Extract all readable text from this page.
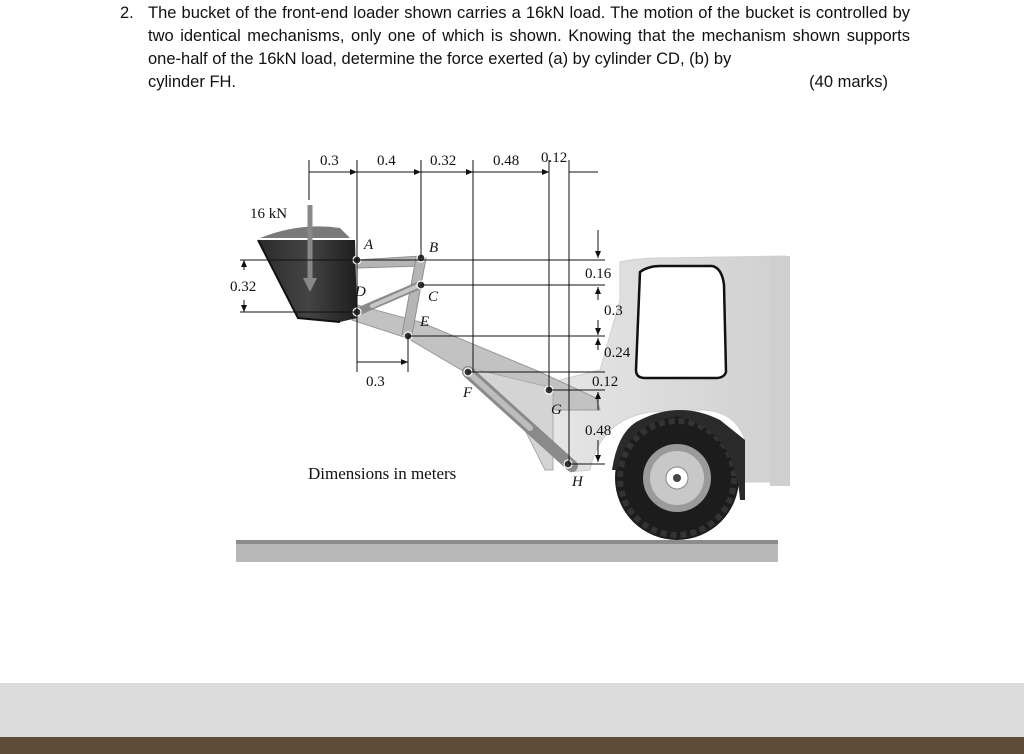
2. The bucket of the front-end loader shown carries a 16kN load. The motion of the bucket is controlled by two identical mechanisms, only one of which is shown. Knowing that the mechanism shown supports one-half of the 16kN load, determine the force exerted (a) by cylinder CD, (b) by
cylinder FH.	(40 marks)
16 kN
0.3	0.4 0.32 0.48 0.12
0.32
0.3
0.16
0.3
0.24
0.12
0.48
A	B
C
D
E
F
G
H
Dimensions in meters
